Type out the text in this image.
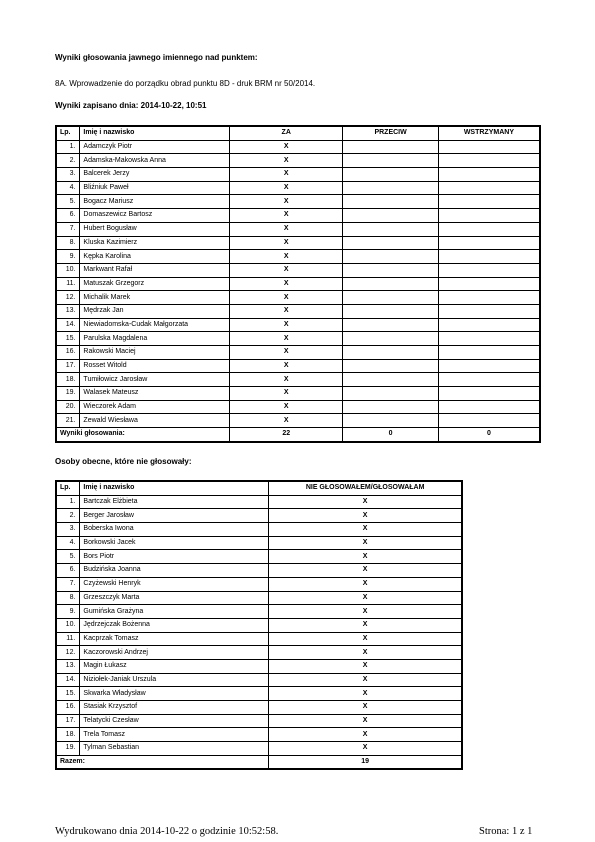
Wyniki głosowania jawnego imiennego nad punktem:
8A. Wprowadzenie do porządku obrad punktu 8D - druk BRM nr 50/2014.
Wyniki zapisano dnia: 2014-10-22, 10:51
Lp.	Imię i nazwisko	ZA	PRZECIW	WSTRZYMANY
1.	Adamczyk Piotr	X		
2.	Adamska-Makowska Anna	X		
3.	Balcerek Jerzy	X		
4.	Bliźniuk Paweł	X		
5.	Bogacz Mariusz	X		
6.	Domaszewicz Bartosz	X		
7.	Hubert Bogusław	X		
8.	Kluska Kazimierz	X		
9.	Kępka Karolina	X		
10.	Markwant Rafał	X		
11.	Matuszak Grzegorz	X		
12.	Michalik Marek	X		
13.	Mędrzak Jan	X		
14.	Niewiadomska-Cudak Małgorzata	X		
15.	Parulska Magdalena	X		
16.	Rakowski Maciej	X		
17.	Rosset Witold	X		
18.	Tumiłowicz Jarosław	X		
19.	Walasek Mateusz	X		
20.	Wieczorek Adam	X		
21.	Zewald Wiesława	X		
Wyniki głosowania:		22	0	0
Osoby obecne, które nie głosowały:
Lp.	Imię i nazwisko	NIE GŁOSOWAŁEM/GŁOSOWAŁAM
1.	Bartczak Elżbieta	X
2.	Berger Jarosław	X
3.	Boberska Iwona	X
4.	Borkowski Jacek	X
5.	Bors Piotr	X
6.	Budzińska Joanna	X
7.	Czyżewski Henryk	X
8.	Grzeszczyk Marta	X
9.	Gumińska Grażyna	X
10.	Jędrzejczak Bożenna	X
11.	Kacprzak Tomasz	X
12.	Kaczorowski Andrzej	X
13.	Magin Łukasz	X
14.	Niziołek-Janiak Urszula	X
15.	Skwarka Władysław	X
16.	Stasiak Krzysztof	X
17.	Telatycki Czesław	X
18.	Trela Tomasz	X
19.	Tylman Sebastian	X
Razem:		19
Wydrukowano dnia 2014-10-22 o godzinie 10:52:58.	Strona: 1 z 1
